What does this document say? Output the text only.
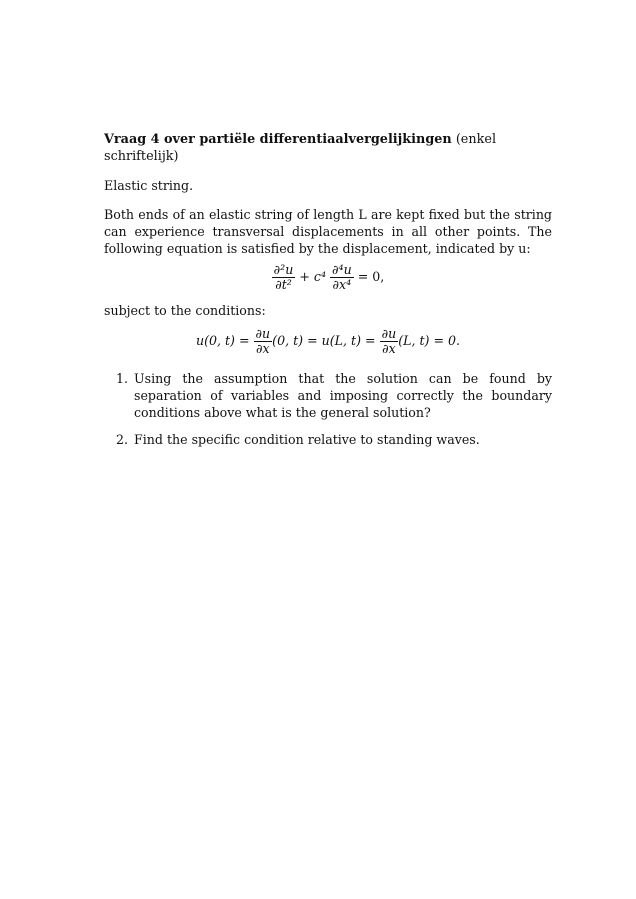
Vraag 4 over partiële differentiaalvergelijkingen (enkel schriftelijk)

Elastic string.

Both ends of an elastic string of length L are kept fixed but the string can experience transversal displacements in all other points. The following equation is satisfied by the displacement, indicated by u:

$\frac{\text{∂²u}}{\text{∂t²}} + c^4 \frac{\text{∂⁴u}}{\text{∂x⁴}} = 0$,

subject to the conditions:

u(0, $t) = \frac{\partial u}{\partial x} (0$, t) = u(L, $t) = \frac{\partial u}{\partial x} (L$, t) = 0.
1. Using the assumption that the solution can be found by separation of variables and imposing correctly the boundary conditions above what is the general solution?
2. Find the specific condition relative to standing waves.
